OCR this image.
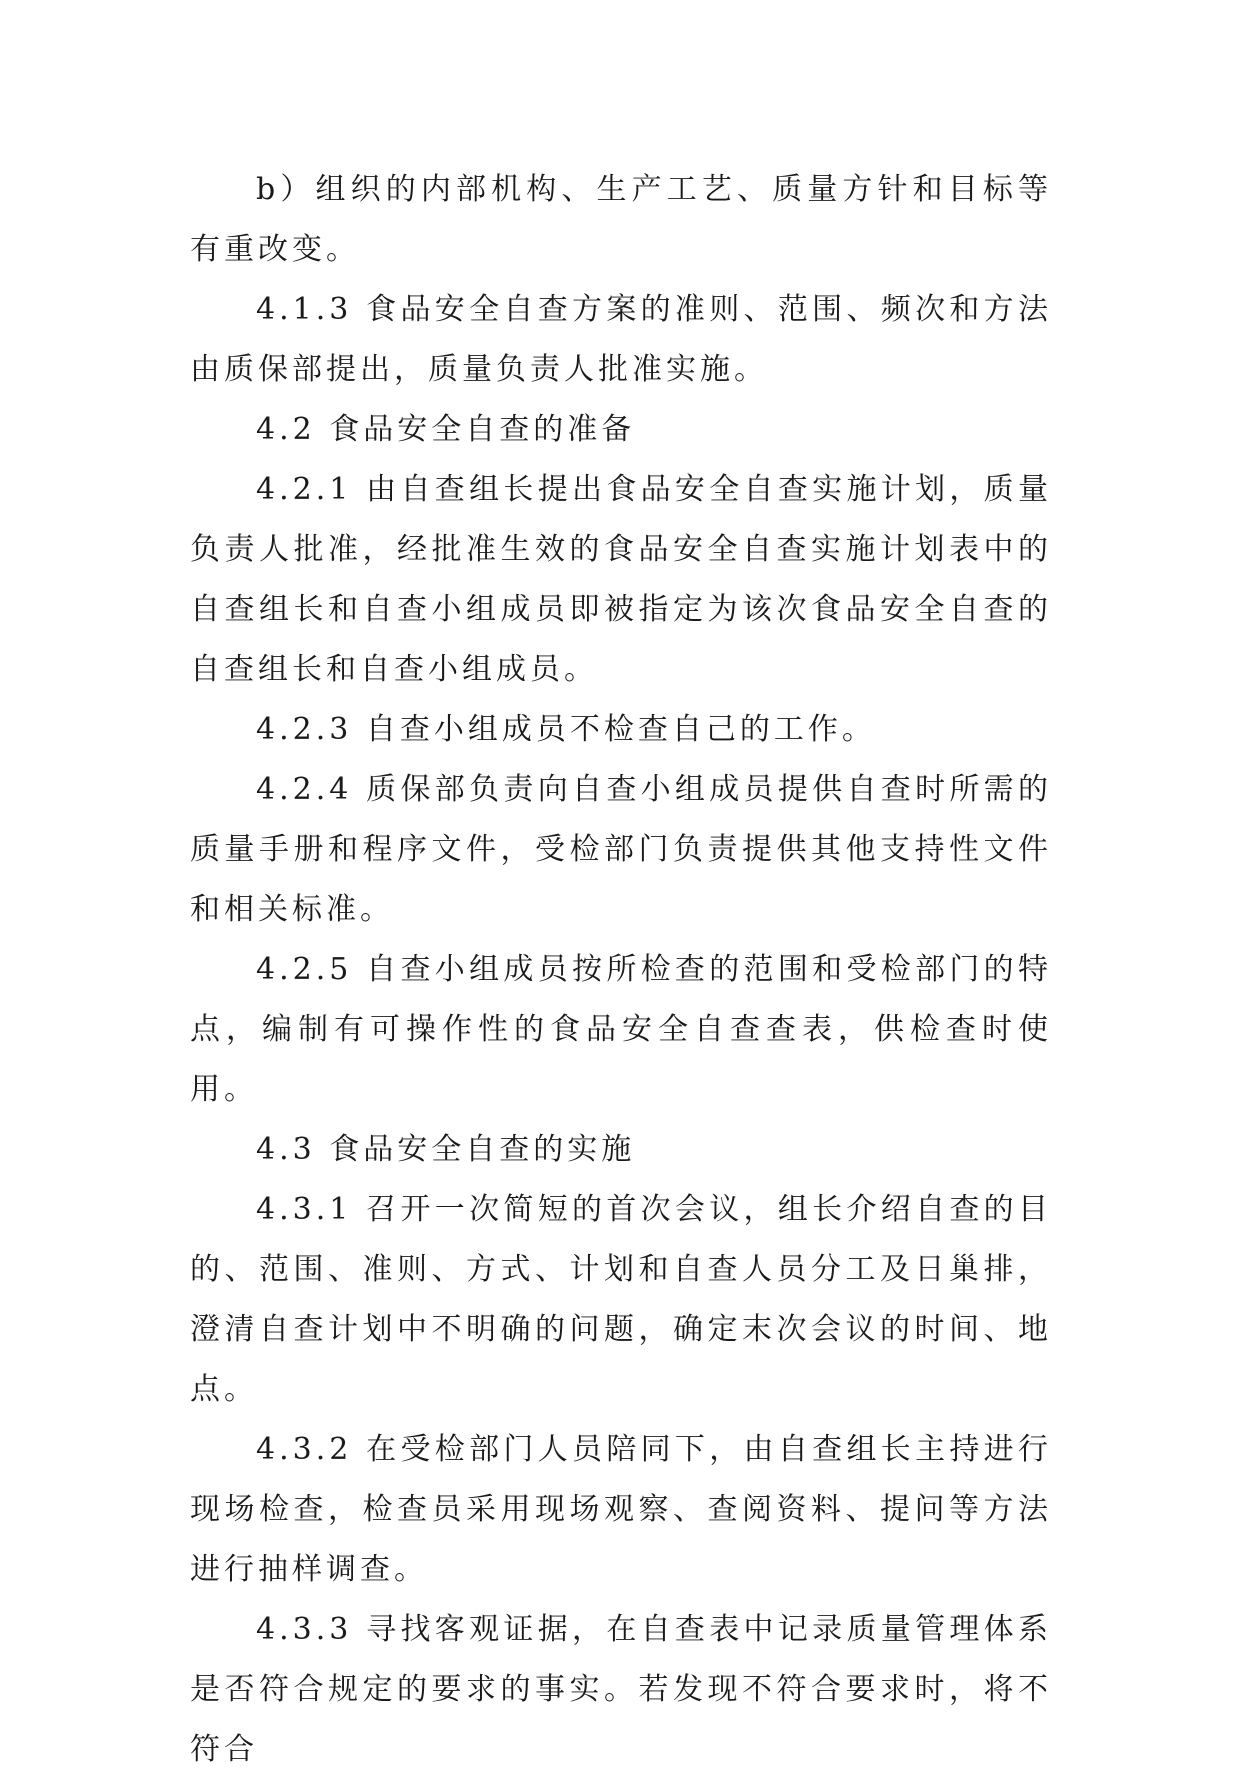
b）组织的内部机构、生产工艺、质量方针和目标等有重改变。

4.1.3 食品安全自查方案的准则、范围、频次和方法由质保部提出，质量负责人批准实施。

4.2 食品安全自查的准备

4.2.1 由自查组长提出食品安全自查实施计划，质量负责人批准，经批准生效的食品安全自查实施计划表中的自查组长和自查小组成员即被指定为该次食品安全自查的自查组长和自查小组成员。

4.2.3 自查小组成员不检查自己的工作。

4.2.4 质保部负责向自查小组成员提供自查时所需的质量手册和程序文件，受检部门负责提供其他支持性文件和相关标准。

4.2.5 自查小组成员按所检查的范围和受检部门的特点，编制有可操作性的食品安全自查查表，供检查时使用。

4.3 食品安全自查的实施

4.3.1 召开一次简短的首次会议，组长介绍自查的目的、范围、准则、方式、计划和自查人员分工及日巢排，澄清自查计划中不明确的问题，确定末次会议的时间、地点。

4.3.2 在受检部门人员陪同下，由自查组长主持进行现场检查，检查员采用现场观察、查阅资料、提问等方法进行抽样调查。

4.3.3 寻找客观证据，在自查表中记录质量管理体系是否符合规定的要求的事实。若发现不符合要求时，将不符合
